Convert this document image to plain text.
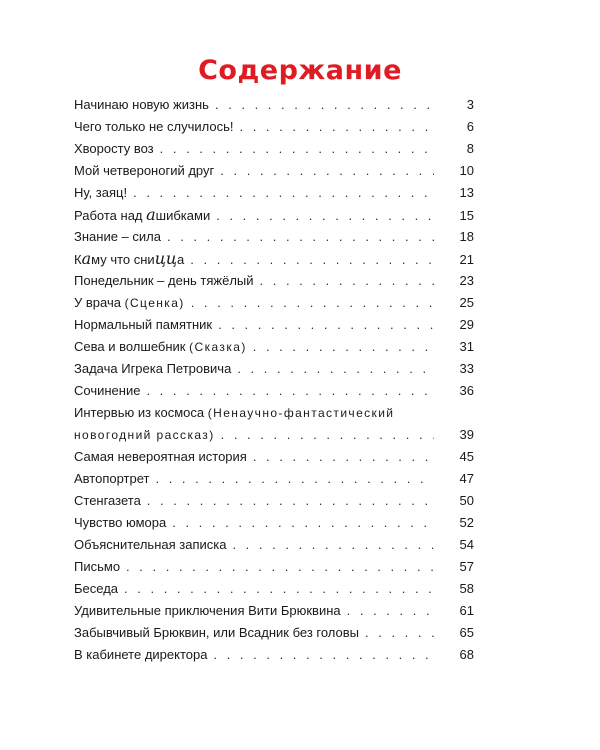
Содержание
Начинаю новую жизнь . . .	3
Чего только не случилось! . . .	6
Хворосту воз . . .	8
Мой четвероногий друг . . .	10
Ну, заяц! . . .	13
Работа над ашибками . . .	15
Знание – сила . . .	18
Каму что сницца . . .	21
Понедельник – день тяжёлый . . .	23
У врача (Сценка) . . .	25
Нормальный памятник . . .	29
Сева и волшебник (Сказка) . . .	31
Задача Игрека Петровича . . .	33
Сочинение . . .	36
Интервью из космоса (Ненаучно-фантастический
новогодний рассказ) . . .	39
Самая невероятная история . . .	45
Автопортрет . . .	47
Стенгазета . . .	50
Чувство юмора . . .	52
Объяснительная записка . . .	54
Письмо . . .	57
Беседа . . .	58
Удивительные приключения Вити Брюквина . . .	61
Забывчивый Брюквин, или Всадник без головы . . .	65
В кабинете директора . . .	68
